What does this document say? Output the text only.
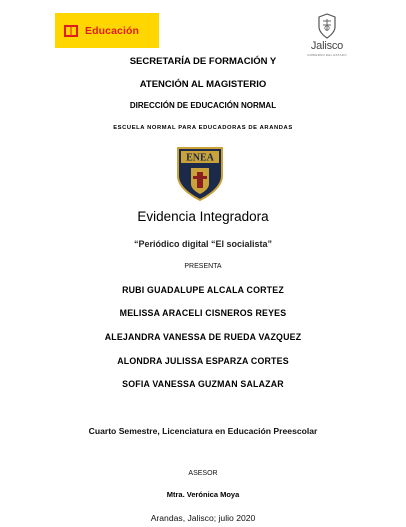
Educación
Jalisco
GOBIERNO DEL ESTADO
SECRETARÍA DE FORMACIÓN Y
ATENCIÓN AL MAGISTERIO
DIRECCIÓN DE EDUCACIÓN NORMAL
ESCUELA NORMAL PARA EDUCADORAS DE ARANDAS
ENEA
Evidencia Integradora
“Periódico digital “El socialista”
PRESENTA
RUBI GUADALUPE ALCALA CORTEZ
MELISSA ARACELI CISNEROS REYES
ALEJANDRA VANESSA DE RUEDA VAZQUEZ
ALONDRA JULISSA ESPARZA CORTES
SOFIA VANESSA GUZMAN SALAZAR
Cuarto Semestre, Licenciatura en Educación Preescolar
ASESOR
Mtra. Verónica Moya
Arandas, Jalisco; julio 2020
